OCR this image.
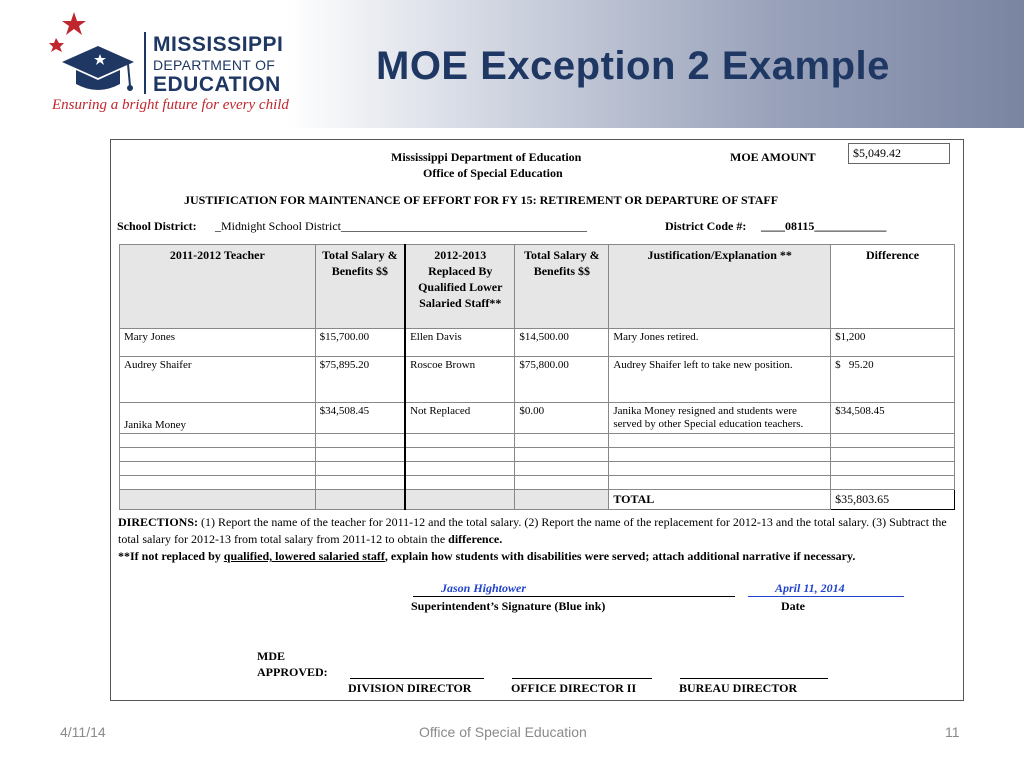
MISSISSIPPI
DEPARTMENT OF
EDUCATION
Ensuring a bright future for every child
MOE Exception 2 Example
Mississippi Department of Education
Office of Special Education
MOE AMOUNT	$5,049.42
JUSTIFICATION FOR MAINTENANCE OF EFFORT FOR FY 15: RETIREMENT OR DEPARTURE OF STAFF
School District: _Midnight School District_________________________________________	District Code #: ____08115____________
2011-2012 Teacher	Total Salary & Benefits $$	2012-2013 Replaced By Qualified Lower Salaried Staff**	Total Salary & Benefits $$	Justification/Explanation **	Difference
Mary Jones	$15,700.00	Ellen Davis	$14,500.00	Mary Jones retired.	$1,200
Audrey Shaifer	$75,895.20	Roscoe Brown	$75,800.00	Audrey Shaifer left to take new position.	$   95.20
Janika Money	$34,508.45	Not Replaced	$0.00	Janika Money resigned and students were served by other Special education teachers.	$34,508.45

				TOTAL	$35,803.65
DIRECTIONS: (1) Report the name of the teacher for 2011-12 and the total salary. (2) Report the name of the replacement for 2012-13 and the total salary. (3) Subtract the total salary for 2012-13 from total salary from 2011-12 to obtain the difference.
**If not replaced by qualified, lowered salaried staff, explain how students with disabilities were served; attach additional narrative if necessary.
Jason Hightower	April 11, 2014
Superintendent’s Signature (Blue ink)	Date
MDE
APPROVED:
DIVISION DIRECTOR	OFFICE DIRECTOR II	BUREAU DIRECTOR
4/11/14	Office of Special Education	11
